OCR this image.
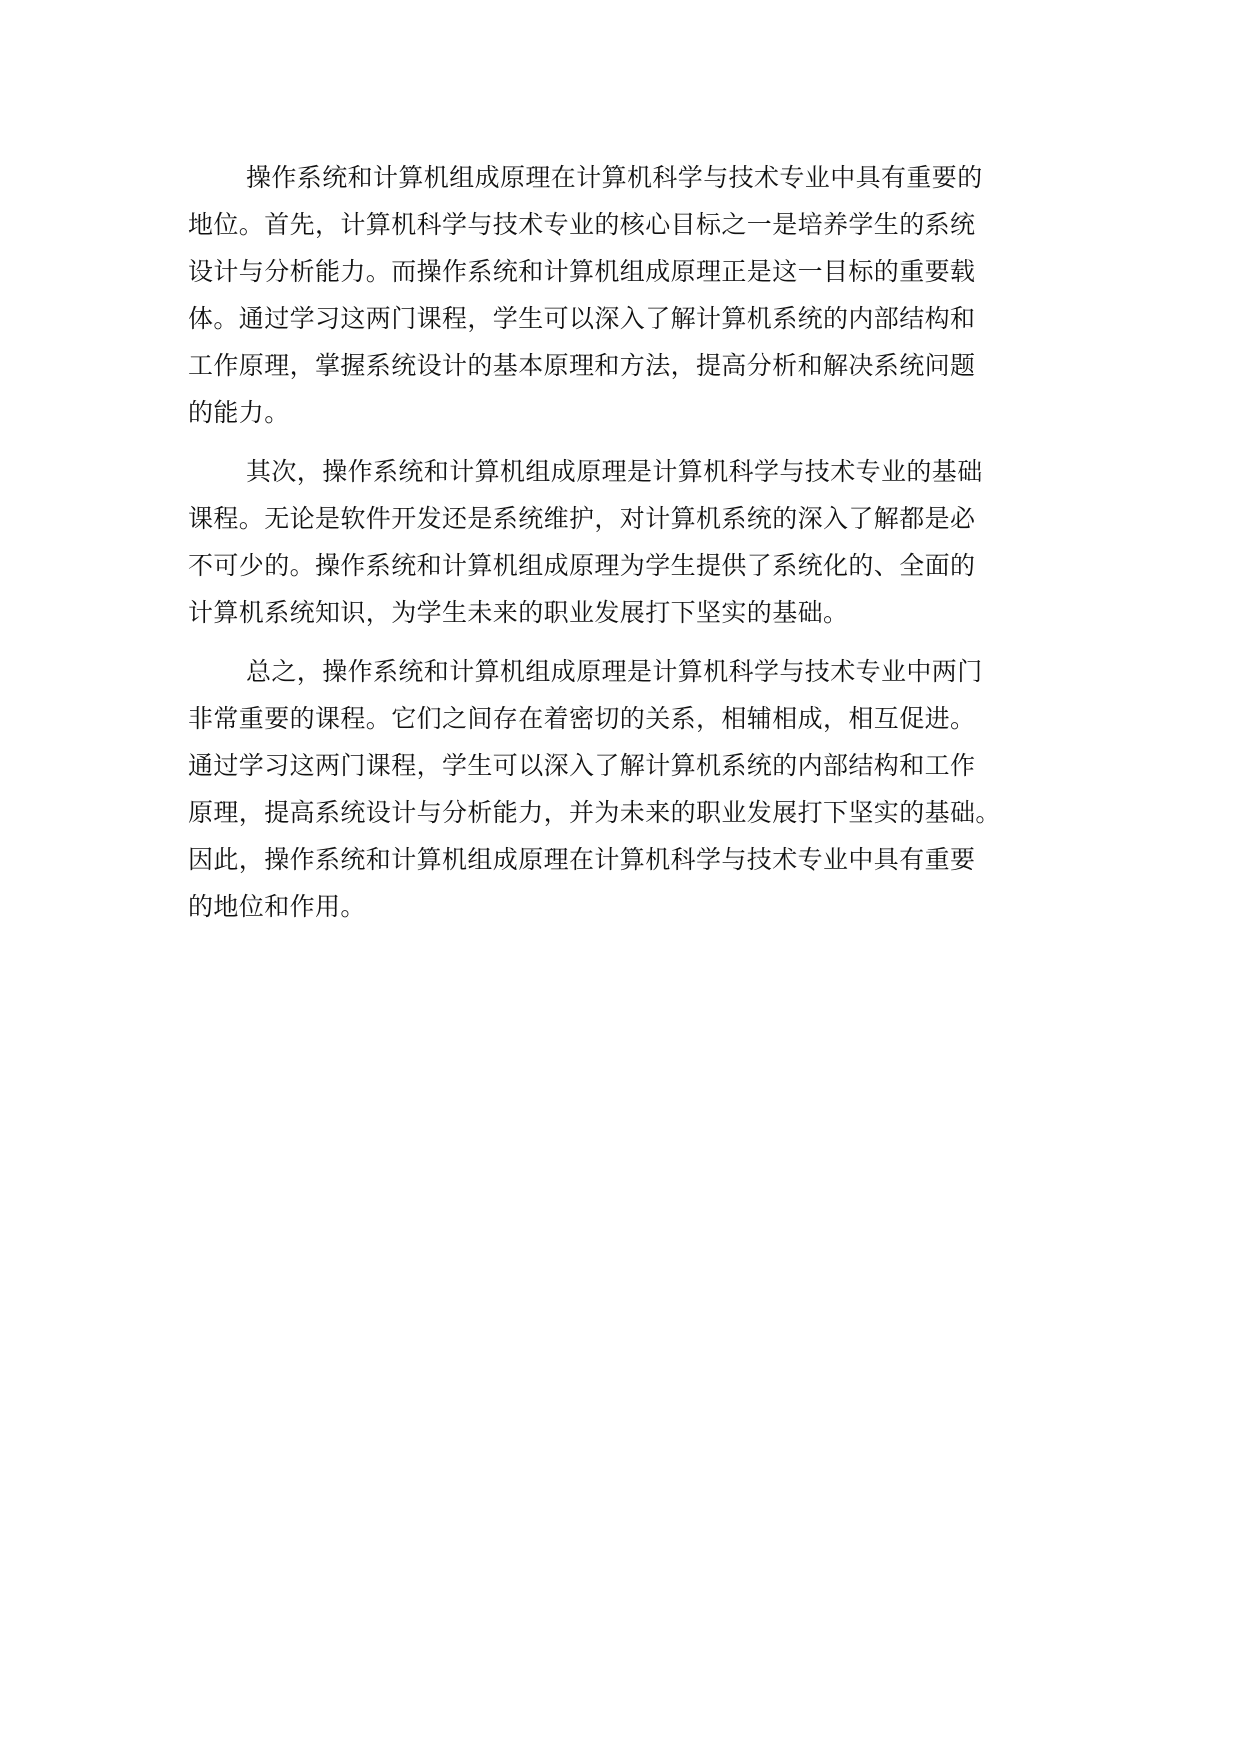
操作系统和计算机组成原理在计算机科学与技术专业中具有重要的
地位。首先，计算机科学与技术专业的核心目标之一是培养学生的系统
设计与分析能力。而操作系统和计算机组成原理正是这一目标的重要载
体。通过学习这两门课程，学生可以深入了解计算机系统的内部结构和
工作原理，掌握系统设计的基本原理和方法，提高分析和解决系统问题
的能力。
其次，操作系统和计算机组成原理是计算机科学与技术专业的基础
课程。无论是软件开发还是系统维护，对计算机系统的深入了解都是必
不可少的。操作系统和计算机组成原理为学生提供了系统化的、全面的
计算机系统知识，为学生未来的职业发展打下坚实的基础。
总之，操作系统和计算机组成原理是计算机科学与技术专业中两门
非常重要的课程。它们之间存在着密切的关系，相辅相成，相互促进。
通过学习这两门课程，学生可以深入了解计算机系统的内部结构和工作
原理，提高系统设计与分析能力，并为未来的职业发展打下坚实的基础。
因此，操作系统和计算机组成原理在计算机科学与技术专业中具有重要
的地位和作用。
